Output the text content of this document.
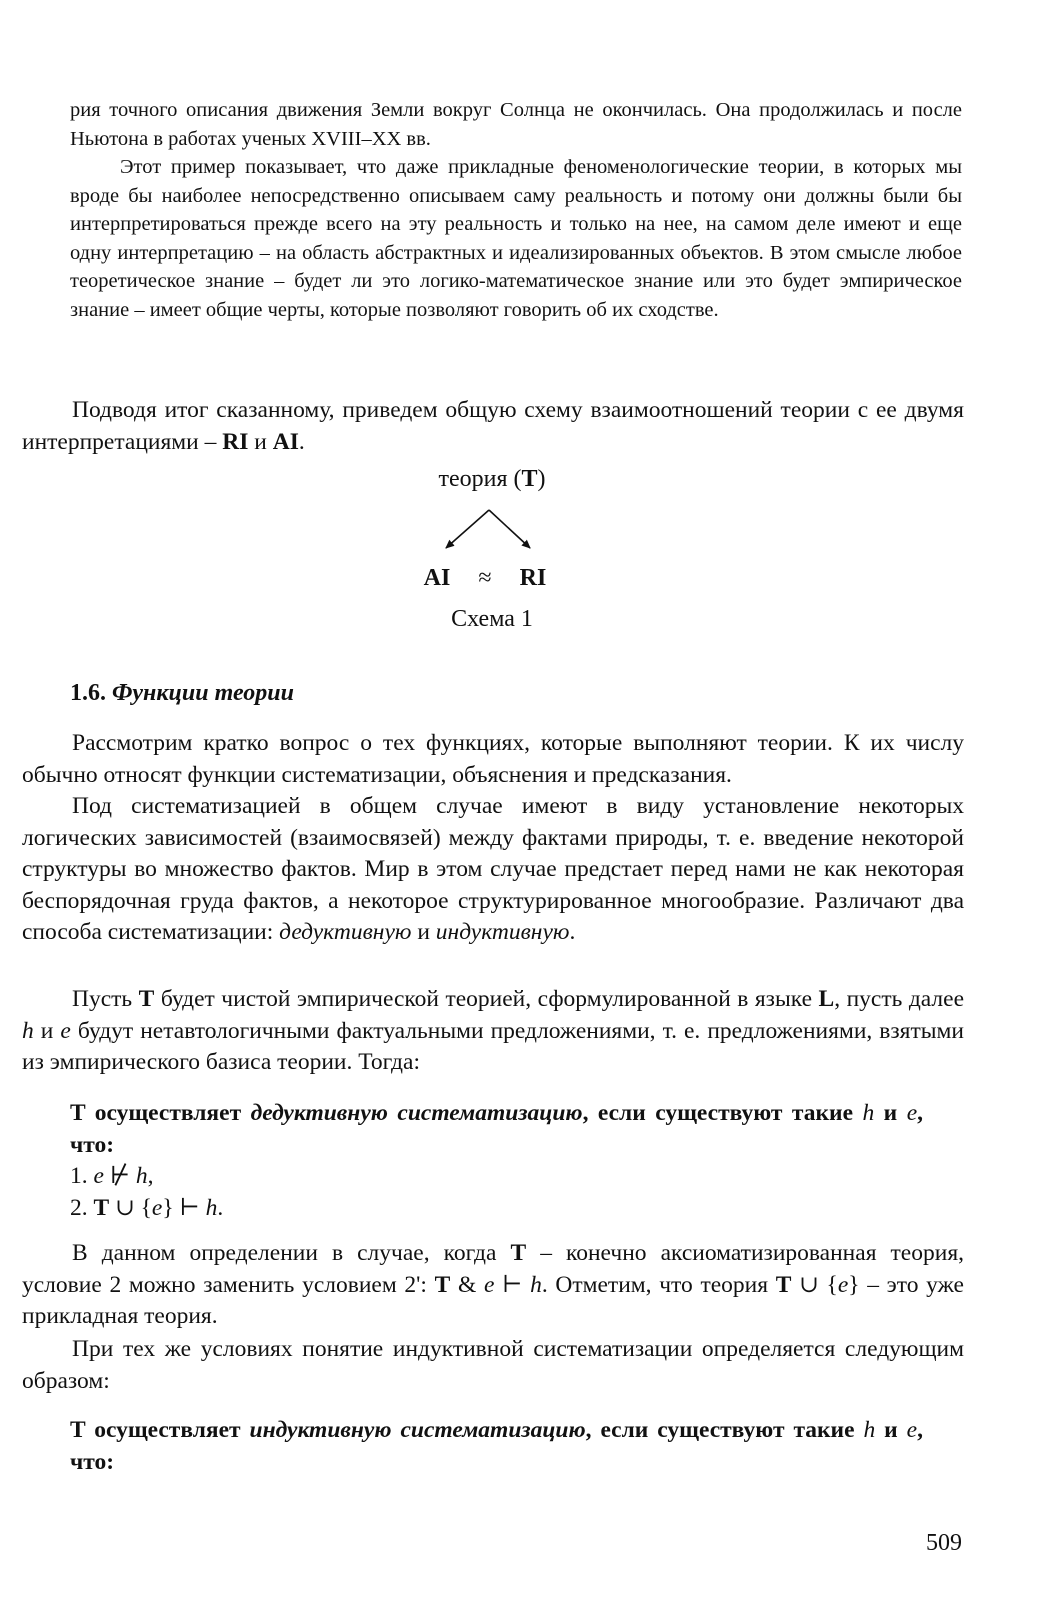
рия точного описания движения Земли вокруг Солнца не окончилась. Она продолжилась и после Ньютона в работах ученых XVIII–XX вв.

Этот пример показывает, что даже прикладные феноменологические теории, в которых мы вроде бы наиболее непосредственно описываем саму реальность и потому они должны были бы интерпретироваться прежде всего на эту реальность и только на нее, на самом деле имеют и еще одну интерпретацию – на область абстрактных и идеализированных объектов. В этом смысле любое теоретическое знание – будет ли это логико-математическое знание или это будет эмпирическое знание – имеет общие черты, которые позволяют говорить об их сходстве.

Подводя итог сказанному, приведем общую схему взаимоотношений теории с ее двумя интерпретациями – RI и AI.

теория (T)
AI	≈	RI
Схема 1
1.6. Функции теории

Рассмотрим кратко вопрос о тех функциях, которые выполняют теории. К их числу обычно относят функции систематизации, объяснения и предсказания.

Под систематизацией в общем случае имеют в виду установление некоторых логических зависимостей (взаимосвязей) между фактами природы, т. е. введение некоторой структуры во множество фактов. Мир в этом случае предстает перед нами не как некоторая беспорядочная груда фактов, а некоторое структурированное многообразие. Различают два способа систематизации: дедуктивную и индуктивную.

Пусть T будет чистой эмпирической теорией, сформулированной в языке L, пусть далее h и e будут нетавтологичными фактуальными предложениями, т. е. предложениями, взятыми из эмпирического базиса теории. Тогда:

T осуществляет дедуктивную систематизацию, если существуют такие h и e, что:

1. e ⊬ h,

2. T ∪ {e} ⊢ h.

В данном определении в случае, когда T – конечно аксиоматизированная теория, условие 2 можно заменить условием 2': T & e ⊢ h. Отметим, что теория T ∪ {e} – это уже прикладная теория.

При тех же условиях понятие индуктивной систематизации определяется следующим образом:

T осуществляет индуктивную систематизацию, если существуют такие h и e, что:

509
